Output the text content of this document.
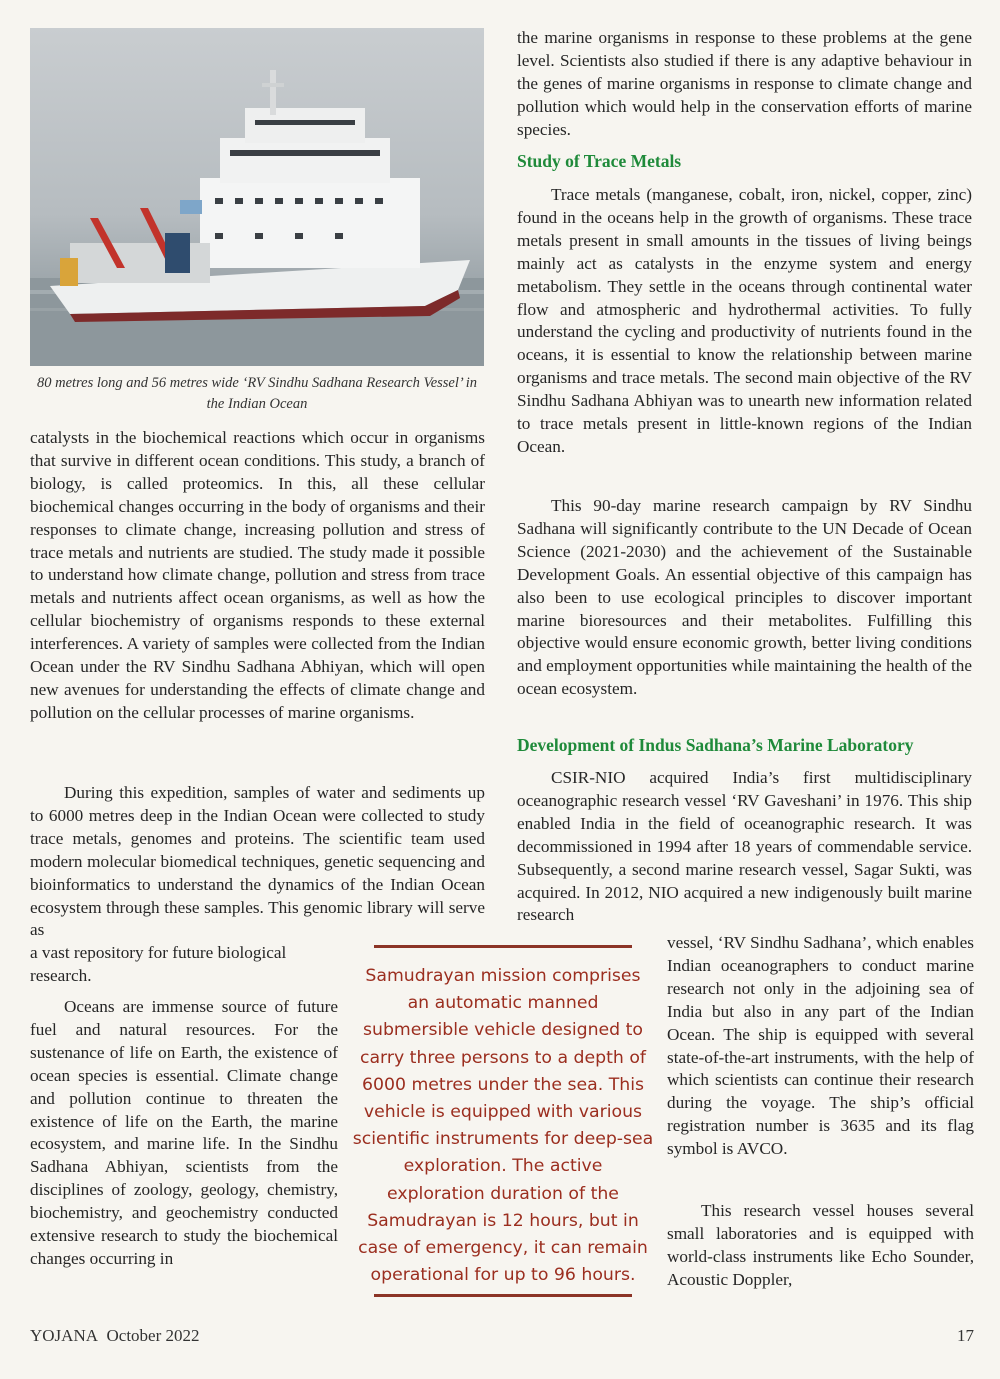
80 metres long and 56 metres wide ‘RV Sindhu Sadhana Research Vessel’ in the Indian Ocean

catalysts in the biochemical reactions which occur in organisms that survive in different ocean conditions. This study, a branch of biology, is called proteomics. In this, all these cellular biochemical changes occurring in the body of organisms and their responses to climate change, increasing pollution and stress of trace metals and nutrients are studied. The study made it possible to understand how climate change, pollution and stress from trace metals and nutrients affect ocean organisms, as well as how the cellular biochemistry of organisms responds to these external interferences. A variety of samples were collected from the Indian Ocean under the RV Sindhu Sadhana Abhiyan, which will open new avenues for understanding the effects of climate change and pollution on the cellular processes of marine organisms.

During this expedition, samples of water and sediments up to 6000 metres deep in the Indian Ocean were collected to study trace metals, genomes and proteins. The scientific team used modern molecular biomedical techniques, genetic sequencing and bioinformatics to understand the dynamics of the Indian Ocean ecosystem through these samples. This genomic library will serve as

a vast repository for future biological research.

Oceans are immense source of future fuel and natural resources. For the sustenance of life on Earth, the existence of ocean species is essential. Climate change and pollution continue to threaten the existence of life on the Earth, the marine ecosystem, and marine life. In the Sindhu Sadhana Abhiyan, scientists from the disciplines of zoology, geology, chemistry, biochemistry, and geochemistry conducted extensive research to study the biochemical changes occurring in

the marine organisms in response to these problems at the gene level. Scientists also studied if there is any adaptive behaviour in the genes of marine organisms in response to climate change and pollution which would help in the conservation efforts of marine species.

Study of Trace Metals

Trace metals (manganese, cobalt, iron, nickel, copper, zinc) found in the oceans help in the growth of organisms. These trace metals present in small amounts in the tissues of living beings mainly act as catalysts in the enzyme system and energy metabolism. They settle in the oceans through continental water flow and atmospheric and hydrothermal activities. To fully understand the cycling and productivity of nutrients found in the oceans, it is essential to know the relationship between marine organisms and trace metals. The second main objective of the RV Sindhu Sadhana Abhiyan was to unearth new information related to trace metals present in little-known regions of the Indian Ocean.

This 90-day marine research campaign by RV Sindhu Sadhana will significantly contribute to the UN Decade of Ocean Science (2021-2030) and the achievement of the Sustainable Development Goals. An essential objective of this campaign has also been to use ecological principles to discover important marine bioresources and their metabolites. Fulfilling this objective would ensure economic growth, better living conditions and employment opportunities while maintaining the health of the ocean ecosystem.

Development of Indus Sadhana’s Marine Laboratory

CSIR-NIO acquired India’s first multidisciplinary oceanographic research vessel ‘RV Gaveshani’ in 1976. This ship enabled India in the field of oceanographic research. It was decommissioned in 1994 after 18 years of commendable service. Subsequently, a second marine research vessel, Sagar Sukti, was acquired. In 2012, NIO acquired a new indigenously built marine research

vessel, ‘RV Sindhu Sadhana’, which enables Indian oceanographers to conduct marine research not only in the adjoining sea of India but also in any part of the Indian Ocean. The ship is equipped with several state-of-the-art instruments, with the help of which scientists can continue their research during the voyage. The ship’s official registration number is 3635 and its flag symbol is AVCO.

This research vessel houses several small laboratories and is equipped with world-class instruments like Echo Sounder, Acoustic Doppler,

Samudrayan mission comprises an automatic manned submersible vehicle designed to carry three persons to a depth of 6000 metres under the sea. This vehicle is equipped with various scientific instruments for deep-sea exploration. The active exploration duration of the Samudrayan is 12 hours, but in case of emergency, it can remain operational for up to 96 hours.

YOJANA October 2022	17
